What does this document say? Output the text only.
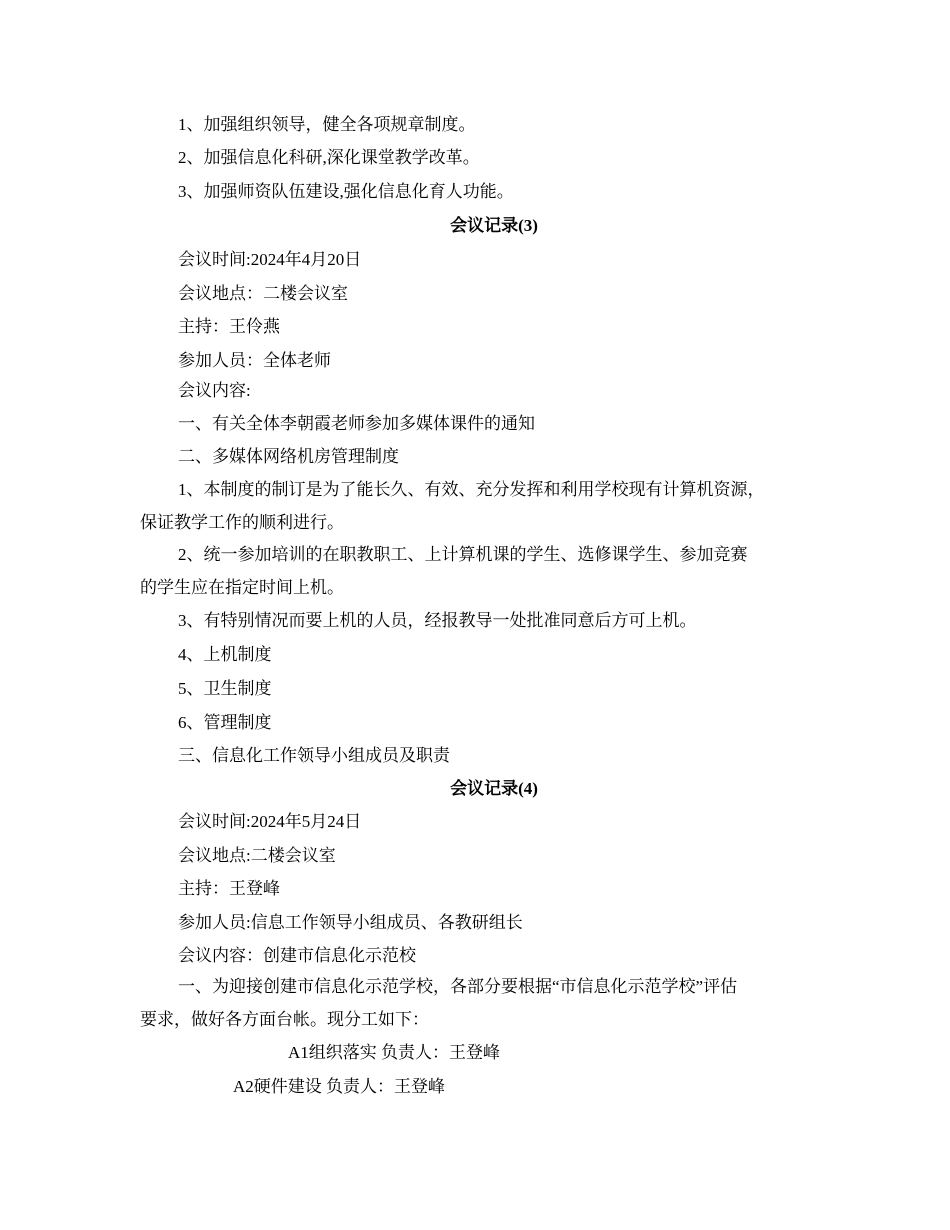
1、加强组织领导，健全各项规章制度。
2、加强信息化科研,深化课堂教学改革。
3、加强师资队伍建设,强化信息化育人功能。
会议记录(3)
会议时间:2024年4月20日
会议地点：二楼会议室
主持：王伶燕
参加人员：全体老师
会议内容:
一、有关全体李朝霞老师参加多媒体课件的通知
二、多媒体网络机房管理制度
1、本制度的制订是为了能长久、有效、充分发挥和利用学校现有计算机资源，
保证教学工作的顺利进行。
2、统一参加培训的在职教职工、上计算机课的学生、选修课学生、参加竞赛
的学生应在指定时间上机。
3、有特别情况而要上机的人员，经报教导一处批准同意后方可上机。
4、上机制度
5、卫生制度
6、管理制度
三、信息化工作领导小组成员及职责
会议记录(4)
会议时间:2024年5月24日
会议地点:二楼会议室
主持：王登峰
参加人员:信息工作领导小组成员、各教研组长
会议内容：创建市信息化示范校
一、为迎接创建市信息化示范学校，各部分要根据“市信息化示范学校”评估
要求，做好各方面台帐。现分工如下：
A1组织落实 负责人：王登峰
A2硬件建设 负责人：王登峰
